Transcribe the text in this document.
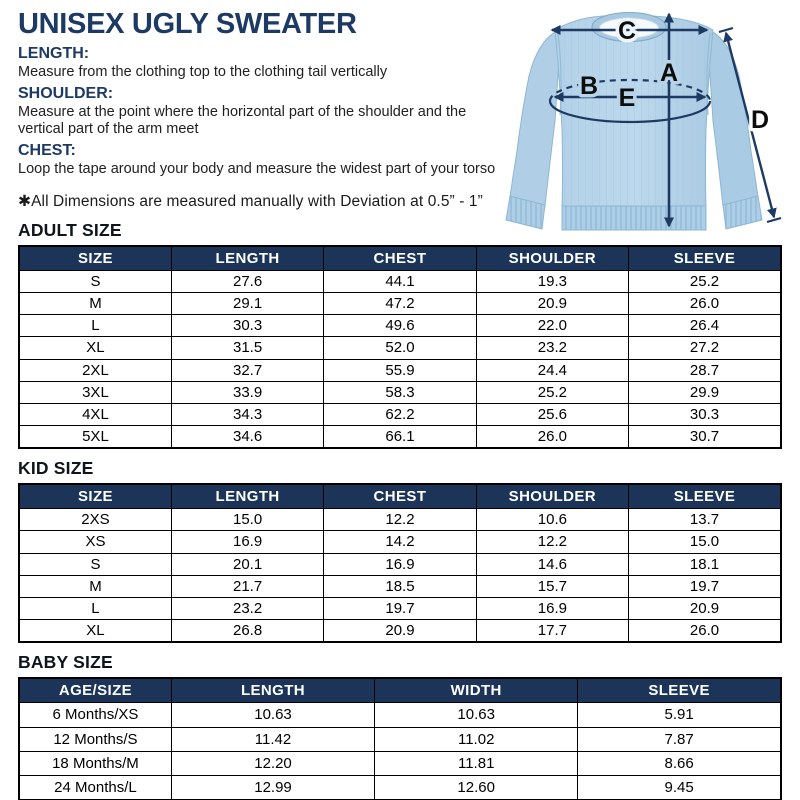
UNISEX UGLY SWEATER
LENGTH:
Measure from the clothing top to the clothing tail vertically
SHOULDER:
Measure at the point where the horizontal part of the shoulder and the vertical part of the arm meet
CHEST:
Loop the tape around your body and measure the widest part of your torso
✱All Dimensions are measured manually with Deviation at 0.5” - 1”
C
A
B E
D
ADULT SIZE
SIZE	LENGTH	CHEST	SHOULDER	SLEEVE
S	27.6	44.1	19.3	25.2
M	29.1	47.2	20.9	26.0
L	30.3	49.6	22.0	26.4
XL	31.5	52.0	23.2	27.2
2XL	32.7	55.9	24.4	28.7
3XL	33.9	58.3	25.2	29.9
4XL	34.3	62.2	25.6	30.3
5XL	34.6	66.1	26.0	30.7
KID SIZE
SIZE	LENGTH	CHEST	SHOULDER	SLEEVE
2XS	15.0	12.2	10.6	13.7
XS	16.9	14.2	12.2	15.0
S	20.1	16.9	14.6	18.1
M	21.7	18.5	15.7	19.7
L	23.2	19.7	16.9	20.9
XL	26.8	20.9	17.7	26.0
BABY SIZE
AGE/SIZE	LENGTH	WIDTH	SLEEVE
6 Months/XS	10.63	10.63	5.91
12 Months/S	11.42	11.02	7.87
18 Months/M	12.20	11.81	8.66
24 Months/L	12.99	12.60	9.45
